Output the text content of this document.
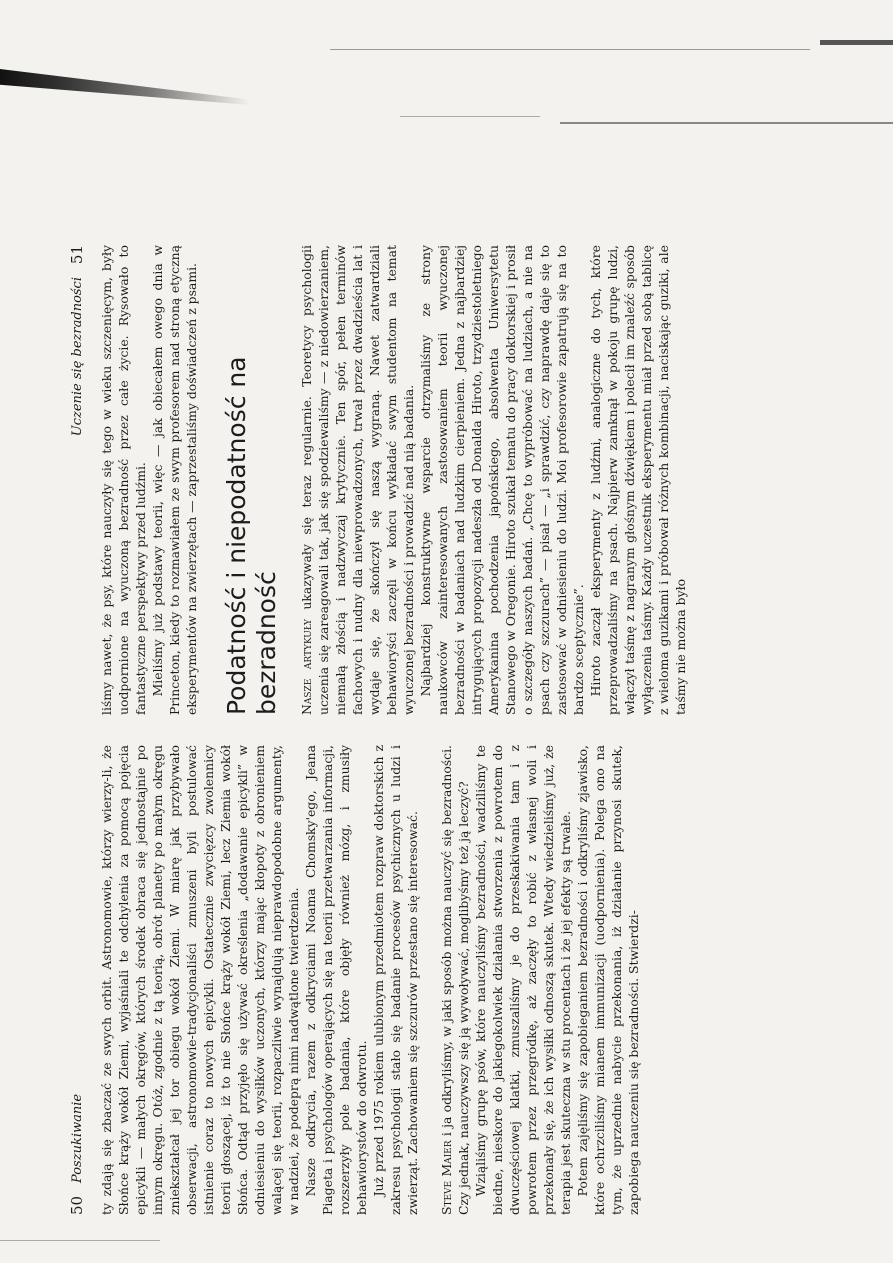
50
Poszukiwanie
Uczenie się bezradności
51

ty zdają się zbaczać ze swych orbit. Astronomowie, którzy wierzy-li, że Słońce krąży wokół Ziemi, wyjaśniali te odchylenia za pomocą pojęcia epicykli — małych okręgów, których środek obraca się jednostajnie po innym okręgu. Otóż, zgodnie z tą teorią, obrót planety po małym okręgu zniekształcał jej tor obiegu wokół Ziemi. W miarę jak przybywało obserwacji, astronomowie-tradycjonaliści zmuszeni byli postulować istnienie coraz to nowych epicykli. Ostatecznie zwycięzcy zwolennicy teorii głoszącej, iż to nie Słońce krąży wokół Ziemi, lecz Ziemia wokół Słońca. Odtąd przyjęło się używać określenia „dodawanie epicykli” w odniesieniu do wysiłków uczonych, którzy mając kłopoty z obronieniem walącej się teorii, rozpaczliwie wynajdują nieprawdopodobne argumenty, w nadziei, że podeprą nimi nadwątlone twierdzenia. Nasze odkrycia, razem z odkryciami Noama Chomsky'ego, Jeana Piageta i psychologów operających się na teorii przetwarzania informacji, rozszerzyły pole badania, które objęły również mózg, i zmusiły behawiorystów do odwrotu. Już przed 1975 rokiem ulubionym przedmiotem rozpraw doktorskich z zakresu psychologii stało się badanie procesów psychicznych u ludzi i zwierząt. Zachowaniem się szczurów przestano się interesować. Steve Maier i ja odkryliśmy, w jaki sposób można nauczyć się bezradności. Czy jednak, nauczywszy się ją wywoływać, moglibyśmy też ją leczyć? Wziąliśmy grupę psów, które nauczyliśmy bezradności, wadziliśmy te biedne, nieskore do jakiegokolwiek działania stworzenia z powrotem do dwuczęściowej klatki, zmuszaliśmy je do przeskakiwania tam i z powrotem przez przegródkę, aż zaczęły to robić z własnej woli i przekonały się, że ich wysiłki odnoszą skutek. Wtedy wiedzieliśmy już, że terapia jest skuteczna w stu procentach i że jej efekty są trwałe. Potem zajęliśmy się zapobieganiem bezradności i odkryliśmy zjawisko, które ochrzciliśmy mianem immunizacji (uodpornienia). Polega ono na tym, że uprzednie nabycie przekonania, iż działanie przynosi skutek, zapobiega nauczeniu się bezradności. Stwierdzi-

liśmy nawet, że psy, które nauczyły się tego w wieku szczenięcym, były uodpornione na wyuczoną bezradność przez całe życie. Rysowało to fantastyczne perspektywy przed ludźmi. Mieliśmy już podstawy teorii, więc — jak obiecałem owego dnia w Princeton, kiedy to rozmawiałem ze swym profesorem nad stroną etyczną eksperymentów na zwierzętach — zaprzestaliśmy doświadczeń z psami. Podatność i niepodatność na bezradność Nasze artykuły ukazywały się teraz regularnie. Teoretycy psychologii uczenia się zareagowali tak, jak się spodziewaliśmy — z niedowierzaniem, niemałą złością i nadzwyczaj krytycznie. Ten spór, pełen terminów fachowych i nudny dla niewprowadzonych, trwał przez dwadzieścia lat i wydaje się, że skończył się naszą wygraną. Nawet zatwardziali behawioryści zaczęli w końcu wykładać swym studentom na temat wyuczonej bezradności i prowadzić nad nią badania. Najbardziej konstruktywne wsparcie otrzymaliśmy ze strony naukowców zainteresowanych zastosowaniem teorii wyuczonej bezradności w badaniach nad ludzkim cierpieniem. Jedna z najbardziej intrygujących propozycji nadeszła od Donalda Hiroto, trzydziestoletniego Amerykanina pochodzenia japońskiego, absolwenta Uniwersytetu Stanowego w Oregonie. Hiroto szukał tematu do pracy doktorskiej i prosił o szczegóły naszych badań. „Chcę to wypróbować na ludziach, a nie na psach czy szczurach” — pisał — „i sprawdzić, czy naprawdę daje się to zastosować w odniesieniu do ludzi. Moi profesorowie zapatrują się na to bardzo sceptycznie”. Hiroto zaczął eksperymenty z ludźmi, analogiczne do tych, które przeprowadzaliśmy na psach. Najpierw zamknął w pokoju grupę ludzi, włączył taśmę z nagranym głośnym dźwiękiem i polecił im znaleźć sposób wyłączenia taśmy. Każdy uczestnik eksperymentu miał przed sobą tablicę z wieloma guzikami i próbował różnych kombinacji, naciskając guziki, ale taśmy nie można było
